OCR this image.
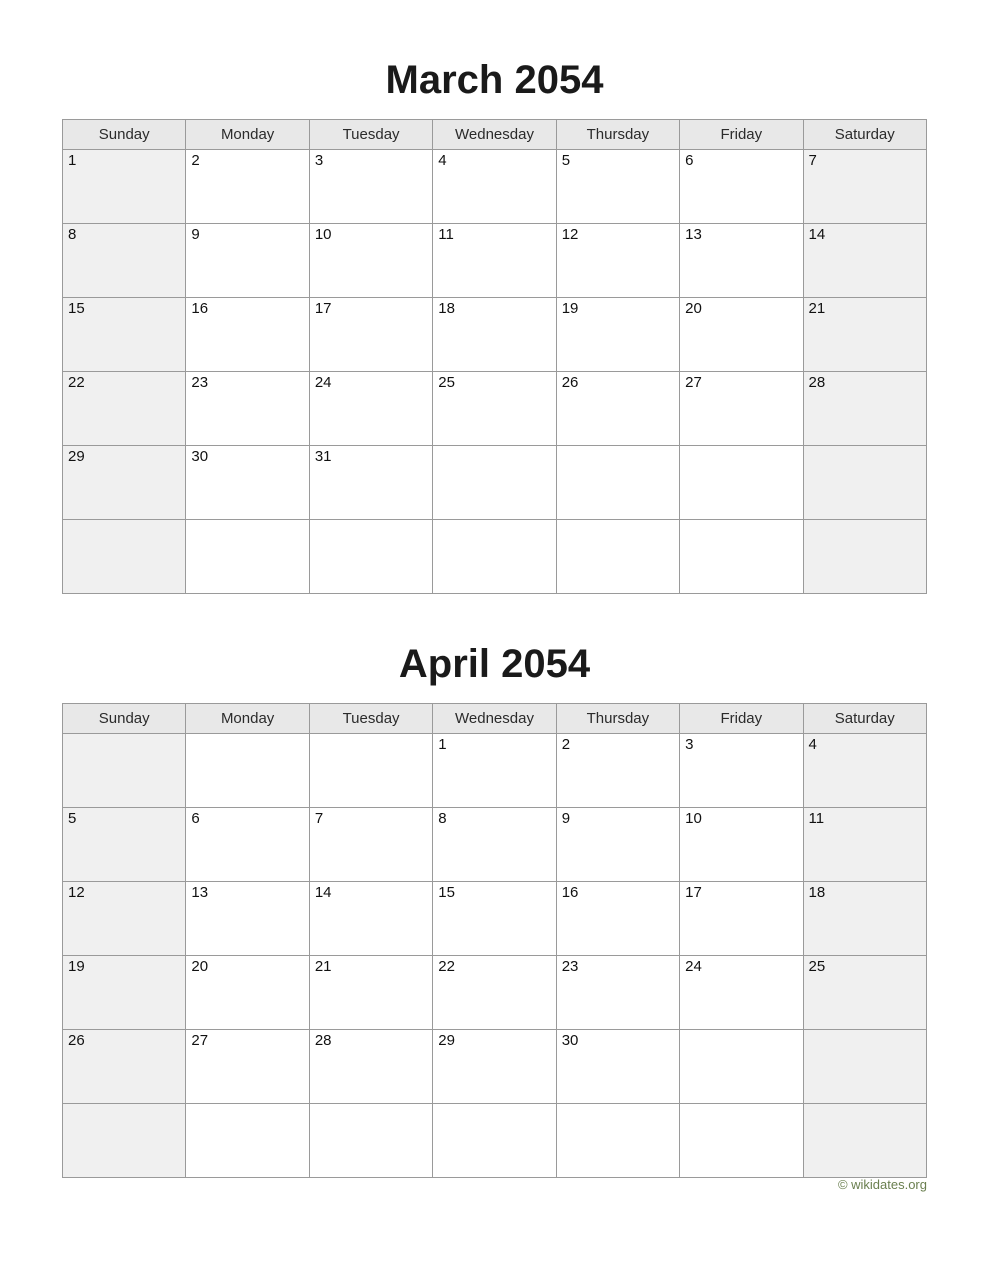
March 2054
Sunday	Monday	Tuesday	Wednesday	Thursday	Friday	Saturday

1	2	3	4	5	6	7

8	9	10	11	12	13	14

15	16	17	18	19	20	21

22	23	24	25	26	27	28

29	30	31				

April 2054
Sunday	Monday	Tuesday	Wednesday	Thursday	Friday	Saturday

			1	2	3	4

5	6	7	8	9	10	11

12	13	14	15	16	17	18

19	20	21	22	23	24	25

26	27	28	29	30		

© wikidates.org
